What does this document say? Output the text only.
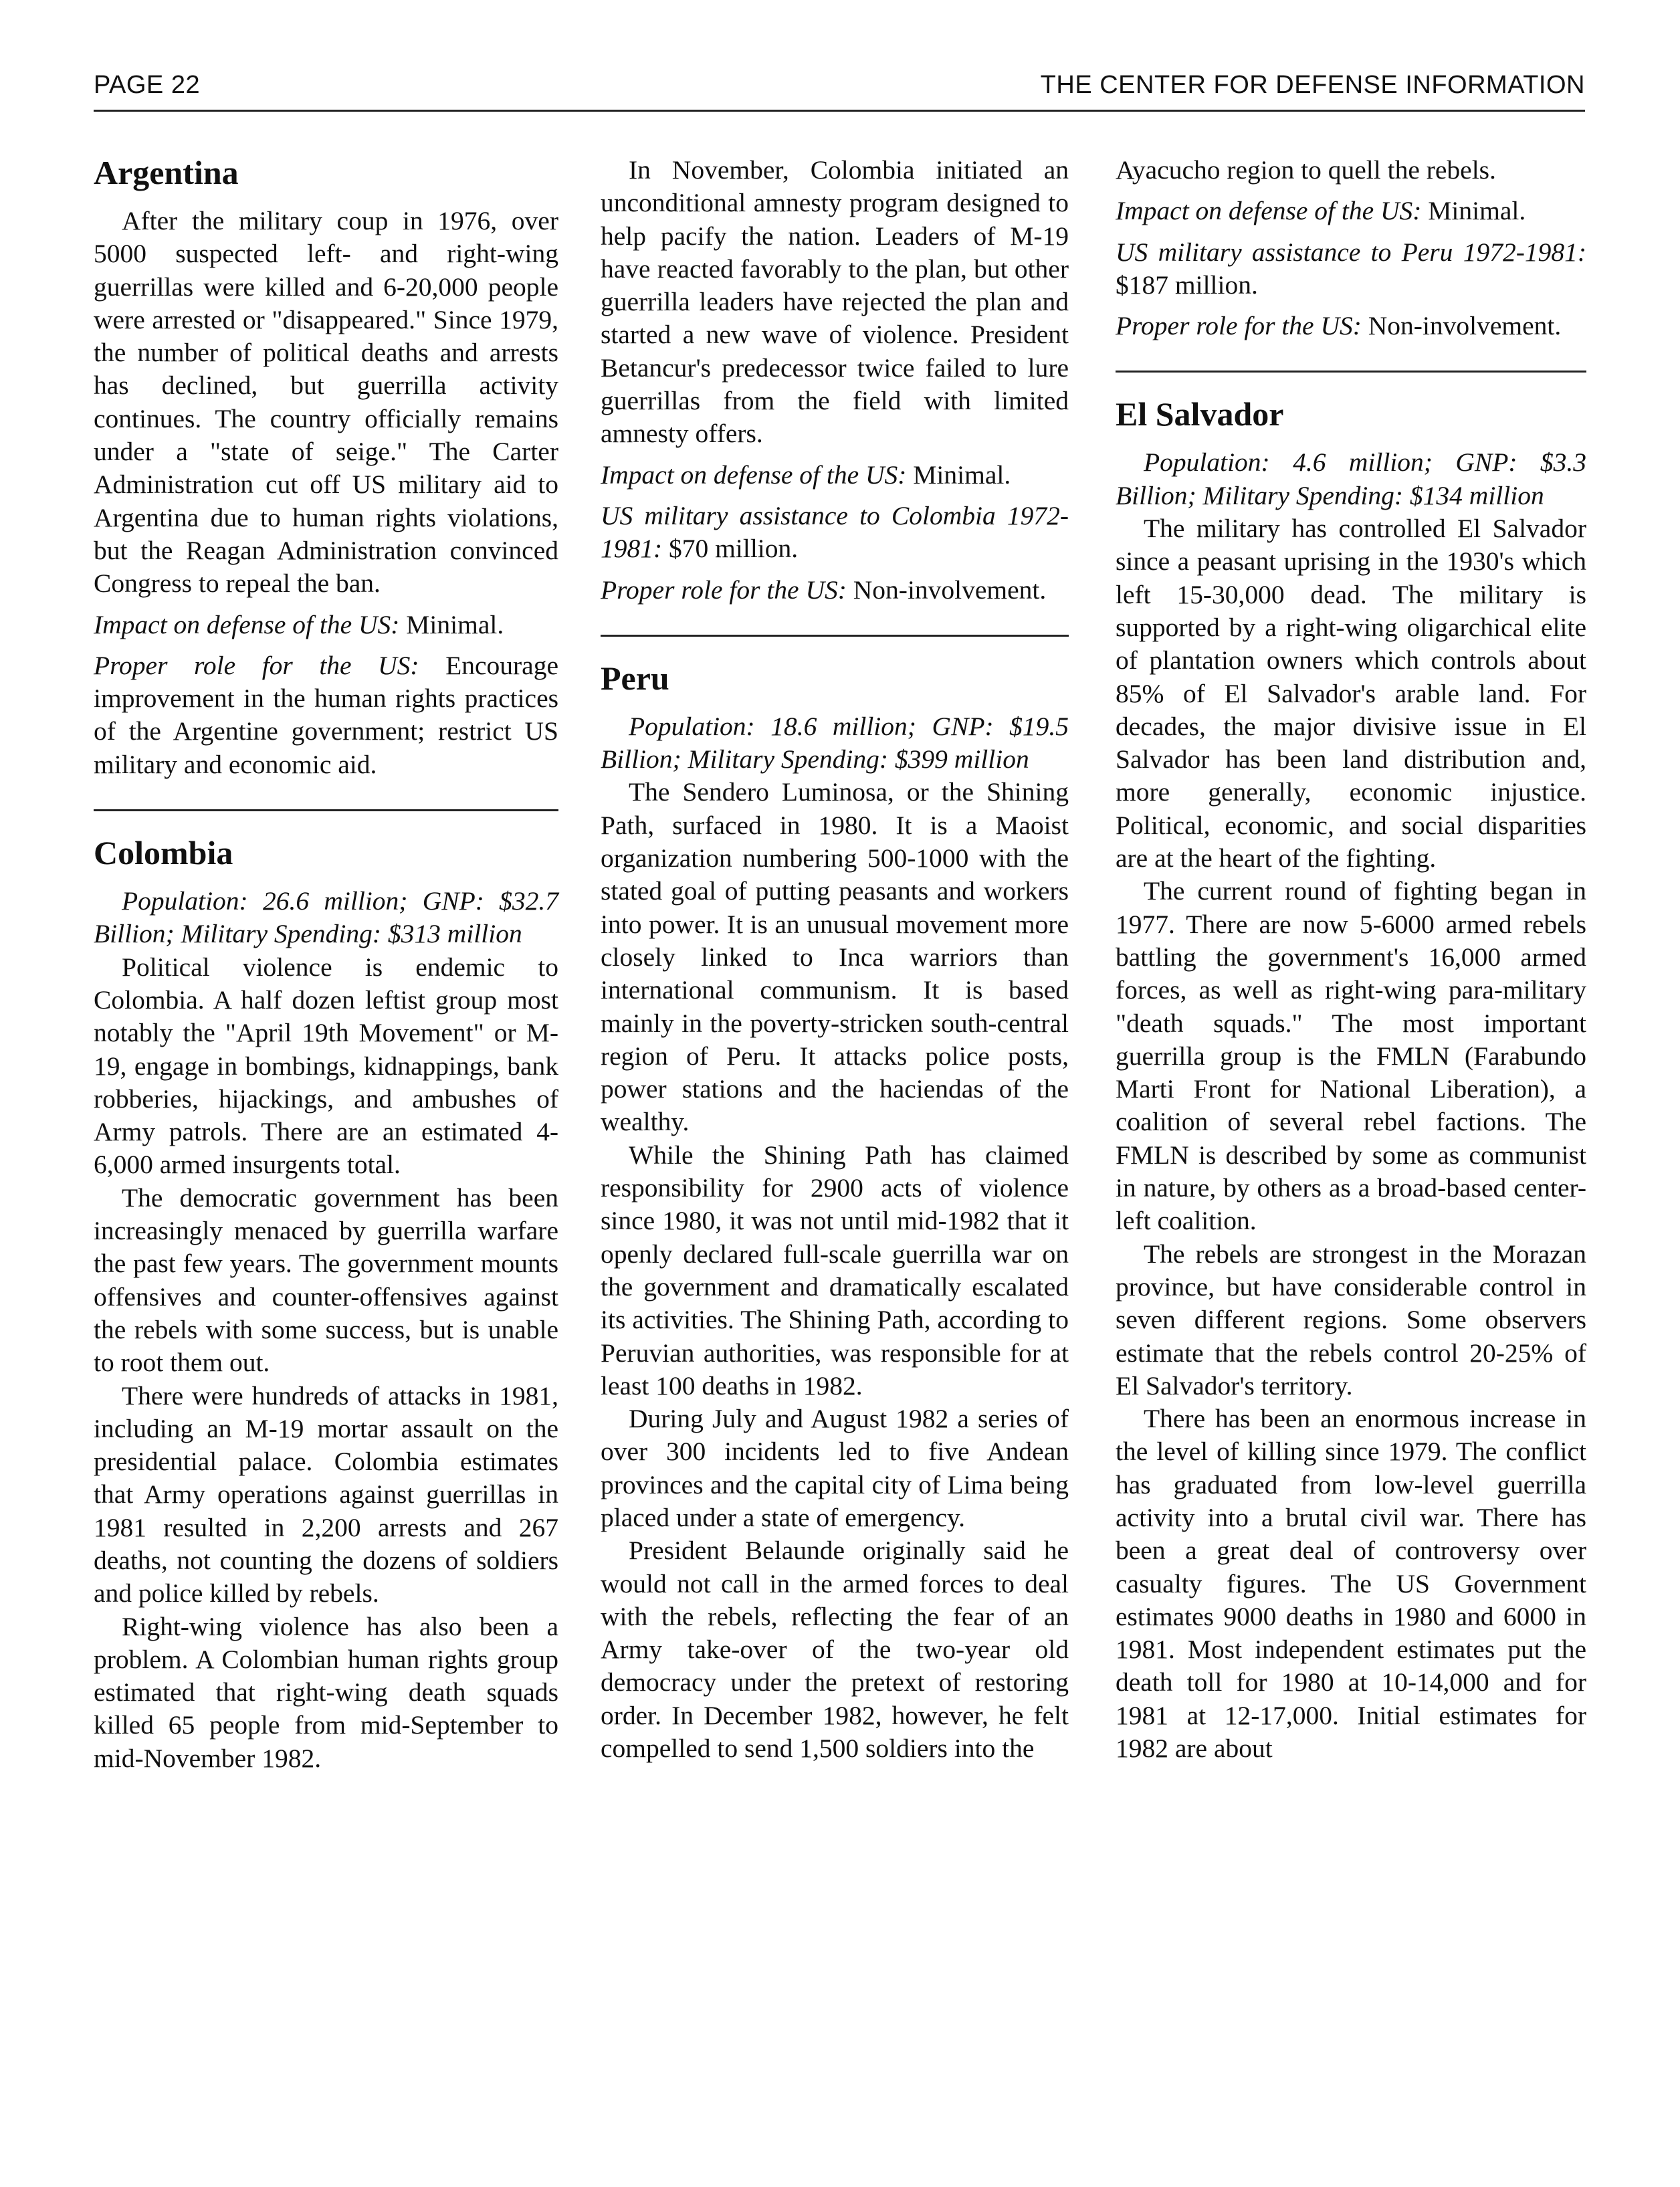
PAGE 22	THE CENTER FOR DEFENSE INFORMATION
Argentina

After the military coup in 1976, over 5000 suspected left- and right-wing guerrillas were killed and 6-20,000 people were arrested or "disappeared." Since 1979, the number of political deaths and arrests has declined, but guerrilla activity continues. The country officially remains under a "state of seige." The Carter Administration cut off US military aid to Argentina due to human rights violations, but the Reagan Administration convinced Congress to repeal the ban.

Impact on defense of the US: Minimal.

Proper role for the US: Encourage improvement in the human rights practices of the Argentine government; restrict US military and economic aid.

Colombia

Population: 26.6 million; GNP: $32.7 Billion; Military Spending: $313 million

Political violence is endemic to Colombia. A half dozen leftist group most notably the "April 19th Movement" or M-19, engage in bombings, kidnappings, bank robberies, hijackings, and ambushes of Army patrols. There are an estimated 4-6,000 armed insurgents total.

The democratic government has been increasingly menaced by guerrilla warfare the past few years. The government mounts offensives and counter-offensives against the rebels with some success, but is unable to root them out.

There were hundreds of attacks in 1981, including an M-19 mortar assault on the presidential palace. Colombia estimates that Army operations against guerrillas in 1981 resulted in 2,200 arrests and 267 deaths, not counting the dozens of soldiers and police killed by rebels.

Right-wing violence has also been a problem. A Colombian human rights group estimated that right-wing death squads killed 65 people from mid-September to mid-November 1982.

In November, Colombia initiated an unconditional amnesty program designed to help pacify the nation. Leaders of M-19 have reacted favorably to the plan, but other guerrilla leaders have rejected the plan and started a new wave of violence. President Betancur's predecessor twice failed to lure guerrillas from the field with limited amnesty offers.

Impact on defense of the US: Minimal.

US military assistance to Colombia 1972-1981: $70 million.

Proper role for the US: Non-involvement.

Peru

Population: 18.6 million; GNP: $19.5 Billion; Military Spending: $399 million

The Sendero Luminosa, or the Shining Path, surfaced in 1980. It is a Maoist organization numbering 500-1000 with the stated goal of putting peasants and workers into power. It is an unusual movement more closely linked to Inca warriors than international communism. It is based mainly in the poverty-stricken south-central region of Peru. It attacks police posts, power stations and the haciendas of the wealthy.

While the Shining Path has claimed responsibility for 2900 acts of violence since 1980, it was not until mid-1982 that it openly declared full-scale guerrilla war on the government and dramatically escalated its activities. The Shining Path, according to Peruvian authorities, was responsible for at least 100 deaths in 1982.

During July and August 1982 a series of over 300 incidents led to five Andean provinces and the capital city of Lima being placed under a state of emergency.

President Belaunde originally said he would not call in the armed forces to deal with the rebels, reflecting the fear of an Army take-over of the two-year old democracy under the pretext of restoring order. In December 1982, however, he felt compelled to send 1,500 soldiers into the

Ayacucho region to quell the rebels.

Impact on defense of the US: Minimal.

US military assistance to Peru 1972-1981: $187 million.

Proper role for the US: Non-involvement.

El Salvador

Population: 4.6 million; GNP: $3.3 Billion; Military Spending: $134 million

The military has controlled El Salvador since a peasant uprising in the 1930's which left 15-30,000 dead. The military is supported by a right-wing oligarchical elite of plantation owners which controls about 85% of El Salvador's arable land. For decades, the major divisive issue in El Salvador has been land distribution and, more generally, economic injustice. Political, economic, and social disparities are at the heart of the fighting.

The current round of fighting began in 1977. There are now 5-6000 armed rebels battling the government's 16,000 armed forces, as well as right-wing para-military "death squads." The most important guerrilla group is the FMLN (Farabundo Marti Front for National Liberation), a coalition of several rebel factions. The FMLN is described by some as communist in nature, by others as a broad-based center-left coalition.

The rebels are strongest in the Morazan province, but have considerable control in seven different regions. Some observers estimate that the rebels control 20-25% of El Salvador's territory.

There has been an enormous increase in the level of killing since 1979. The conflict has graduated from low-level guerrilla activity into a brutal civil war. There has been a great deal of controversy over casualty figures. The US Government estimates 9000 deaths in 1980 and 6000 in 1981. Most independent estimates put the death toll for 1980 at 10-14,000 and for 1981 at 12-17,000. Initial estimates for 1982 are about
